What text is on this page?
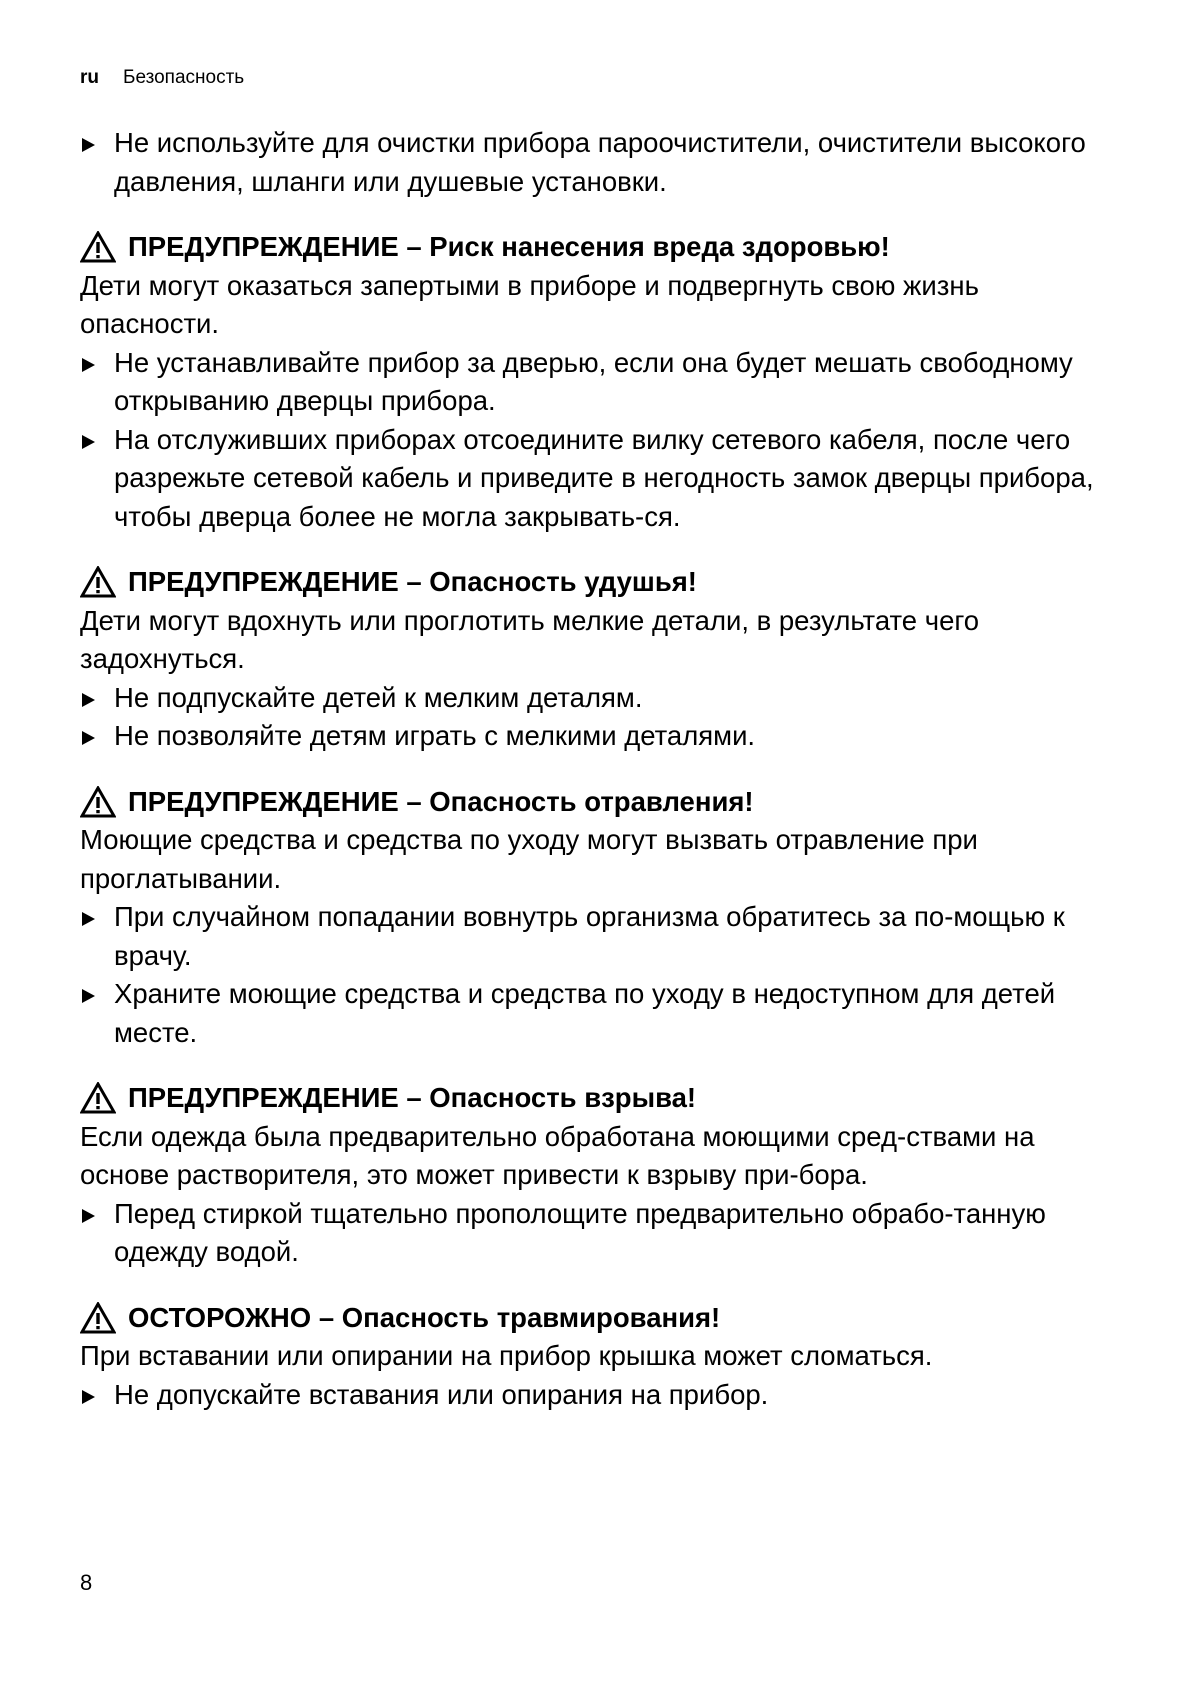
ru Безопасность
Не используйте для очистки прибора пароочистители, очистители высокого давления, шланги или душевые установки.
ПРЕДУПРЕЖДЕНИЕ – Риск нанесения вреда здоровью!
Дети могут оказаться запертыми в приборе и подвергнуть свою жизнь опасности.
Не устанавливайте прибор за дверью, если она будет мешать свободному открыванию дверцы прибора.
На отслуживших приборах отсоедините вилку сетевого кабеля, после чего разрежьте сетевой кабель и приведите в негодность замок дверцы прибора, чтобы дверца более не могла закрывать-ся.
ПРЕДУПРЕЖДЕНИЕ – Опасность удушья!
Дети могут вдохнуть или проглотить мелкие детали, в результате чего задохнуться.
Не подпускайте детей к мелким деталям.
Не позволяйте детям играть с мелкими деталями.
ПРЕДУПРЕЖДЕНИЕ – Опасность отравления!
Моющие средства и средства по уходу могут вызвать отравление при проглатывании.
При случайном попадании вовнутрь организма обратитесь за по-мощью к врачу.
Храните моющие средства и средства по уходу в недоступном для детей месте.
ПРЕДУПРЕЖДЕНИЕ – Опасность взрыва!
Если одежда была предварительно обработана моющими сред-ствами на основе растворителя, это может привести к взрыву при-бора.
Перед стиркой тщательно прополощите предварительно обрабо-танную одежду водой.
ОСТОРОЖНО – Опасность травмирования!
При вставании или опирании на прибор крышка может сломаться.
Не допускайте вставания или опирания на прибор.
8
